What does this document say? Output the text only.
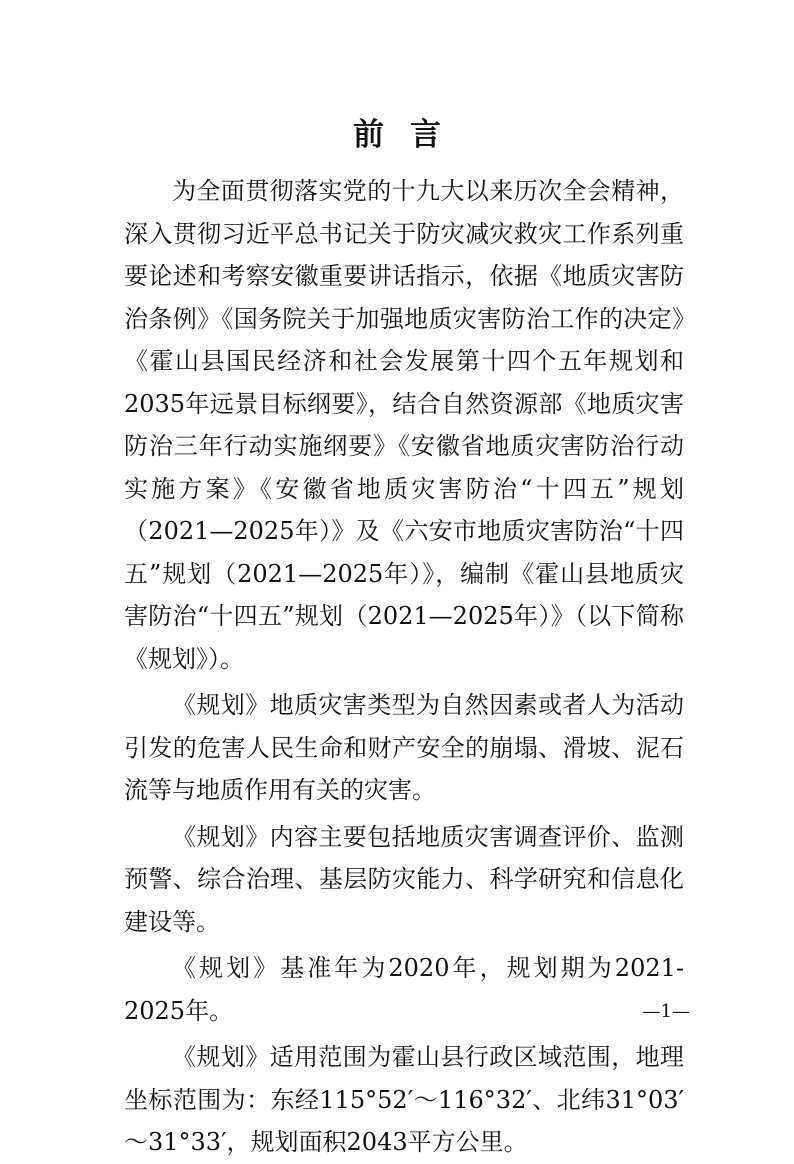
前言

为全面贯彻落实党的十九大以来历次全会精神，深入贯彻习近平总书记关于防灾减灾救灾工作系列重要论述和考察安徽重要讲话指示，依据《地质灾害防治条例》《国务院关于加强地质灾害防治工作的决定》《霍山县国民经济和社会发展第十四个五年规划和2035年远景目标纲要》，结合自然资源部《地质灾害防治三年行动实施纲要》《安徽省地质灾害防治行动实施方案》《安徽省地质灾害防治“十四五”规划（2021—2025年）》及《六安市地质灾害防治“十四五”规划（2021—2025年）》，编制《霍山县地质灾害防治“十四五”规划（2021—2025年）》（以下简称《规划》）。

《规划》地质灾害类型为自然因素或者人为活动引发的危害人民生命和财产安全的崩塌、滑坡、泥石流等与地质作用有关的灾害。

《规划》内容主要包括地质灾害调查评价、监测预警、综合治理、基层防灾能力、科学研究和信息化建设等。

《规划》基准年为2020年，规划期为2021-2025年。

《规划》适用范围为霍山县行政区域范围，地理坐标范围为：东经115°52′～116°32′、北纬31°03′～31°33′，规划面积2043平方公里。

—1—
